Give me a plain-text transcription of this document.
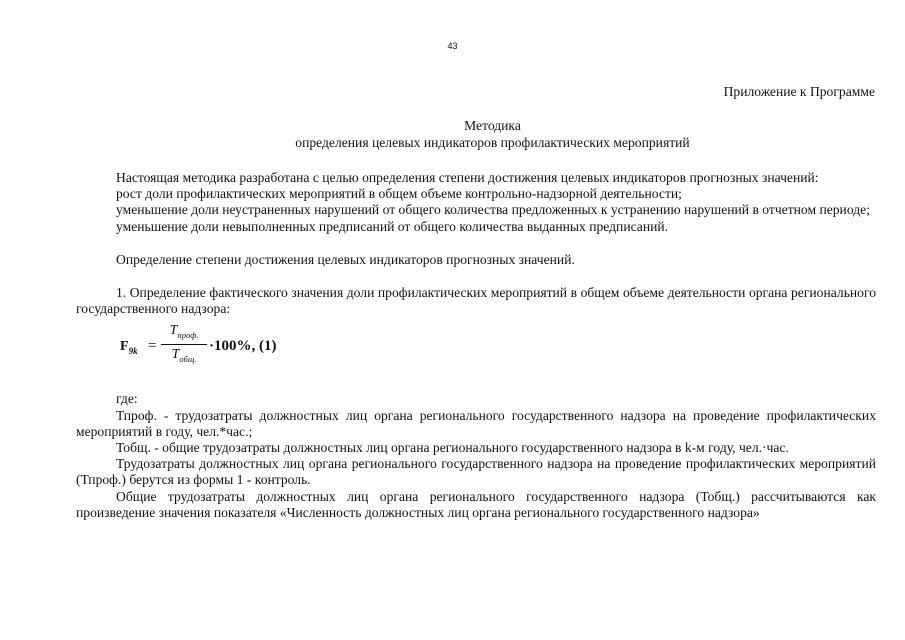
43
Приложение к Программе
Методика
определения целевых индикаторов профилактических мероприятий

Настоящая методика разработана с целью определения степени достижения целевых индикаторов прогнозных значений:

рост доли профилактических мероприятий в общем объеме контрольно-надзорной деятельности;

уменьшение доли неустраненных нарушений от общего количества предложенных к устранению нарушений в отчетном периоде;

уменьшение доли невыполненных предписаний от общего количества выданных предписаний.

Определение степени достижения целевых индикаторов прогнозных значений.

1. Определение фактического значения доли профилактических мероприятий в общем объеме деятельности органа регионального государственного надзора:

$F_{9k}$ =
$T_{проф.}$
$T_{общ.}$
·100%, (1)

где:

Тпроф. - трудозатраты должностных лиц органа регионального государственного надзора на проведение профилактических мероприятий в году, чел.*час.;

Тобщ. - общие трудозатраты должностных лиц органа регионального государственного надзора в k-м году, чел.·час.

Трудозатраты должностных лиц органа регионального государственного надзора на проведение профилактических мероприятий (Тпроф.) берутся из формы 1 - контроль.

Общие трудозатраты должностных лиц органа регионального государственного надзора (Тобщ.) рассчитываются как произведение значения показателя «Численность должностных лиц органа регионального государственного надзора»
